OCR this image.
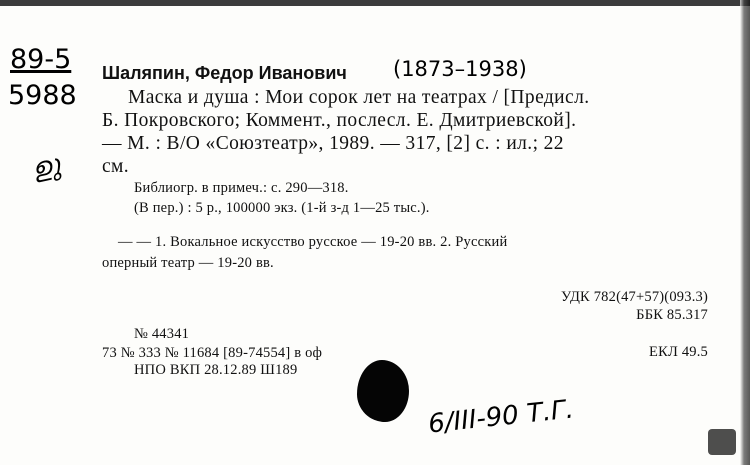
89-5
5988
ഉു
Шаляпин, Федор Иванович (1873–1938)
Маска и душа : Мои сорок лет на театрах / [Предисл.
Б. Покровского; Коммент., послесл. Е. Дмитриевской].
— М. : В/О «Союзтеатр», 1989. — 317, [2] с. : ил.; 22
см.
Библиогр. в примеч.: с. 290—318.
(В пер.) : 5 р., 100000 экз. (1-й з-д 1—25 тыс.).
— — 1. Вокальное искусство русское — 19-20 вв. 2. Русский
оперный театр — 19-20 вв.
УДК 782(47+57)(093.3)
ББК 85.317
№ 44341
73 № 333 № 11684 [89-74554] в оф	ЕКЛ 49.5
НПО ВКП 28.12.89 Ш189
6/III-90 Т.Г.
